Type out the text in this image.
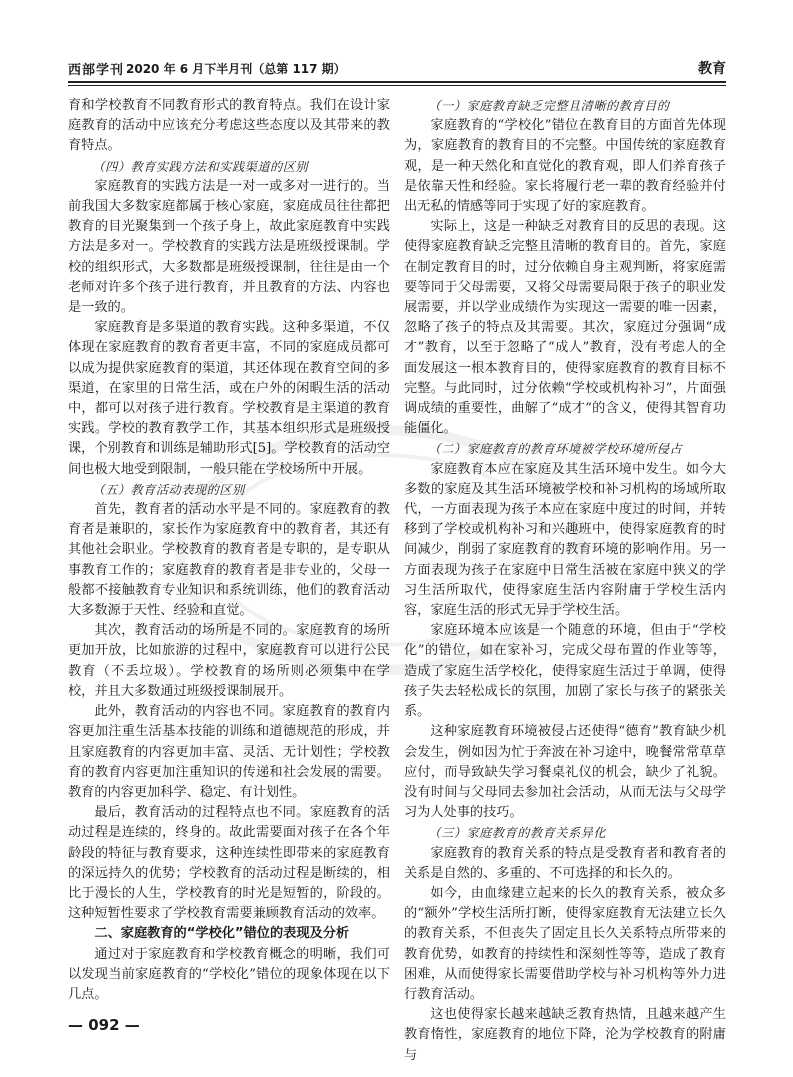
西部学刊 2020 年 6 月下半月刊（总第 117 期）	教育

育和学校教育不同教育形式的教育特点。我们在设计家庭教育的活动中应该充分考虑这些态度以及其带来的教育特点。

（四）教育实践方法和实践渠道的区别

家庭教育的实践方法是一对一或多对一进行的。当前我国大多数家庭都属于核心家庭，家庭成员往往都把教育的目光聚集到一个孩子身上，故此家庭教育中实践方法是多对一。学校教育的实践方法是班级授课制。学校的组织形式，大多数都是班级授课制，往往是由一个老师对许多个孩子进行教育，并且教育的方法、内容也是一致的。

家庭教育是多渠道的教育实践。这种多渠道，不仅体现在家庭教育的教育者更丰富，不同的家庭成员都可以成为提供家庭教育的渠道，其还体现在教育空间的多渠道，在家里的日常生活，或在户外的闲暇生活的活动中，都可以对孩子进行教育。学校教育是主渠道的教育实践。学校的教育教学工作，其基本组织形式是班级授课，个别教育和训练是辅助形式[5]。学校教育的活动空间也极大地受到限制，一般只能在学校场所中开展。

（五）教育活动表现的区别

首先，教育者的活动水平是不同的。家庭教育的教育者是兼职的，家长作为家庭教育中的教育者，其还有其他社会职业。学校教育的教育者是专职的，是专职从事教育工作的；家庭教育的教育者是非专业的，父母一般都不接触教育专业知识和系统训练，他们的教育活动大多数源于天性、经验和直觉。

其次，教育活动的场所是不同的。家庭教育的场所更加开放，比如旅游的过程中，家庭教育可以进行公民教育（不丢垃圾）。学校教育的场所则必须集中在学校，并且大多数通过班级授课制展开。

此外，教育活动的内容也不同。家庭教育的教育内容更加注重生活基本技能的训练和道德规范的形成，并且家庭教育的内容更加丰富、灵活、无计划性；学校教育的教育内容更加注重知识的传递和社会发展的需要。教育的内容更加科学、稳定、有计划性。

最后，教育活动的过程特点也不同。家庭教育的活动过程是连续的，终身的。故此需要面对孩子在各个年龄段的特征与教育要求，这种连续性即带来的家庭教育的深远持久的优势；学校教育的活动过程是断续的，相比于漫长的人生，学校教育的时光是短暂的，阶段的。这种短暂性要求了学校教育需要兼顾教育活动的效率。

二、家庭教育的“学校化”错位的表现及分析

通过对于家庭教育和学校教育概念的明晰，我们可以发现当前家庭教育的“学校化”错位的现象体现在以下几点。

（一）家庭教育缺乏完整且清晰的教育目的

家庭教育的“学校化”错位在教育目的方面首先体现为，家庭教育的教育目的不完整。中国传统的家庭教育观，是一种天然化和直觉化的教育观，即人们养育孩子是依靠天性和经验。家长将履行老一辈的教育经验并付出无私的情感等同于实现了好的家庭教育。

实际上，这是一种缺乏对教育目的反思的表现。这使得家庭教育缺乏完整且清晰的教育目的。首先，家庭在制定教育目的时，过分依赖自身主观判断，将家庭需要等同于父母需要，又将父母需要局限于孩子的职业发展需要，并以学业成绩作为实现这一需要的唯一因素，忽略了孩子的特点及其需要。其次，家庭过分强调“成才”教育，以至于忽略了“成人”教育，没有考虑人的全面发展这一根本教育目的，使得家庭教育的教育目标不完整。与此同时，过分依赖“学校或机构补习”，片面强调成绩的重要性，曲解了“成才”的含义，使得其智育功能僵化。

（二）家庭教育的教育环境被学校环境所侵占

家庭教育本应在家庭及其生活环境中发生。如今大多数的家庭及其生活环境被学校和补习机构的场域所取代，一方面表现为孩子本应在家庭中度过的时间，并转移到了学校或机构补习和兴趣班中，使得家庭教育的时间减少，削弱了家庭教育的教育环境的影响作用。另一方面表现为孩子在家庭中日常生活被在家庭中狭义的学习生活所取代，使得家庭生活内容附庸于学校生活内容，家庭生活的形式无异于学校生活。

家庭环境本应该是一个随意的环境，但由于“学校化”的错位，如在家补习，完成父母布置的作业等等，造成了家庭生活学校化，使得家庭生活过于单调，使得孩子失去轻松成长的氛围，加剧了家长与孩子的紧张关系。

这种家庭教育环境被侵占还使得“德育”教育缺少机会发生，例如因为忙于奔波在补习途中，晚餐常常草草应付，而导致缺失学习餐桌礼仪的机会，缺少了礼貌。没有时间与父母同去参加社会活动，从而无法与父母学习为人处事的技巧。

（三）家庭教育的教育关系异化

家庭教育的教育关系的特点是受教育者和教育者的关系是自然的、多重的、不可选择的和长久的。

如今，由血缘建立起来的长久的教育关系，被众多的“额外”学校生活所打断，使得家庭教育无法建立长久的教育关系，不但丧失了固定且长久关系特点所带来的教育优势，如教育的持续性和深刻性等等，造成了教育困难，从而使得家长需要借助学校与补习机构等外力进行教育活动。

这也使得家长越来越缺乏教育热情，且越来越产生教育惰性，家庭教育的地位下降，沦为学校教育的附庸与

— 092 —
